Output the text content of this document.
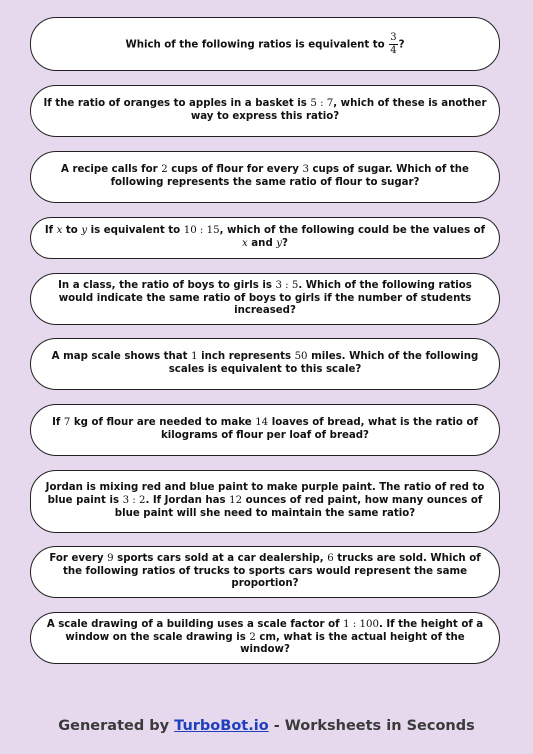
Which of the following ratios is equivalent to $\frac{3}{4}$ ?
If the ratio of oranges to apples in a basket is 5 : 7, which of these is another way to express this ratio?
A recipe calls for 2 cups of flour for every 3 cups of sugar. Which of the following represents the same ratio of flour to sugar?
If x to y is equivalent to 10 : 15, which of the following could be the values of x and y?
In a class, the ratio of boys to girls is 3 : 5. Which of the following ratios would indicate the same ratio of boys to girls if the number of students increased?
A map scale shows that 1 inch represents 50 miles. Which of the following scales is equivalent to this scale?
If 7 kg of flour are needed to make 14 loaves of bread, what is the ratio of kilograms of flour per loaf of bread?
Jordan is mixing red and blue paint to make purple paint. The ratio of red to blue paint is 3 : 2. If Jordan has 12 ounces of red paint, how many ounces of blue paint will she need to maintain the same ratio?
For every 9 sports cars sold at a car dealership, 6 trucks are sold. Which of the following ratios of trucks to sports cars would represent the same proportion?
A scale drawing of a building uses a scale factor of 1 : 100. If the height of a window on the scale drawing is 2 cm, what is the actual height of the window?
Generated by TurboBot.io - Worksheets in Seconds
